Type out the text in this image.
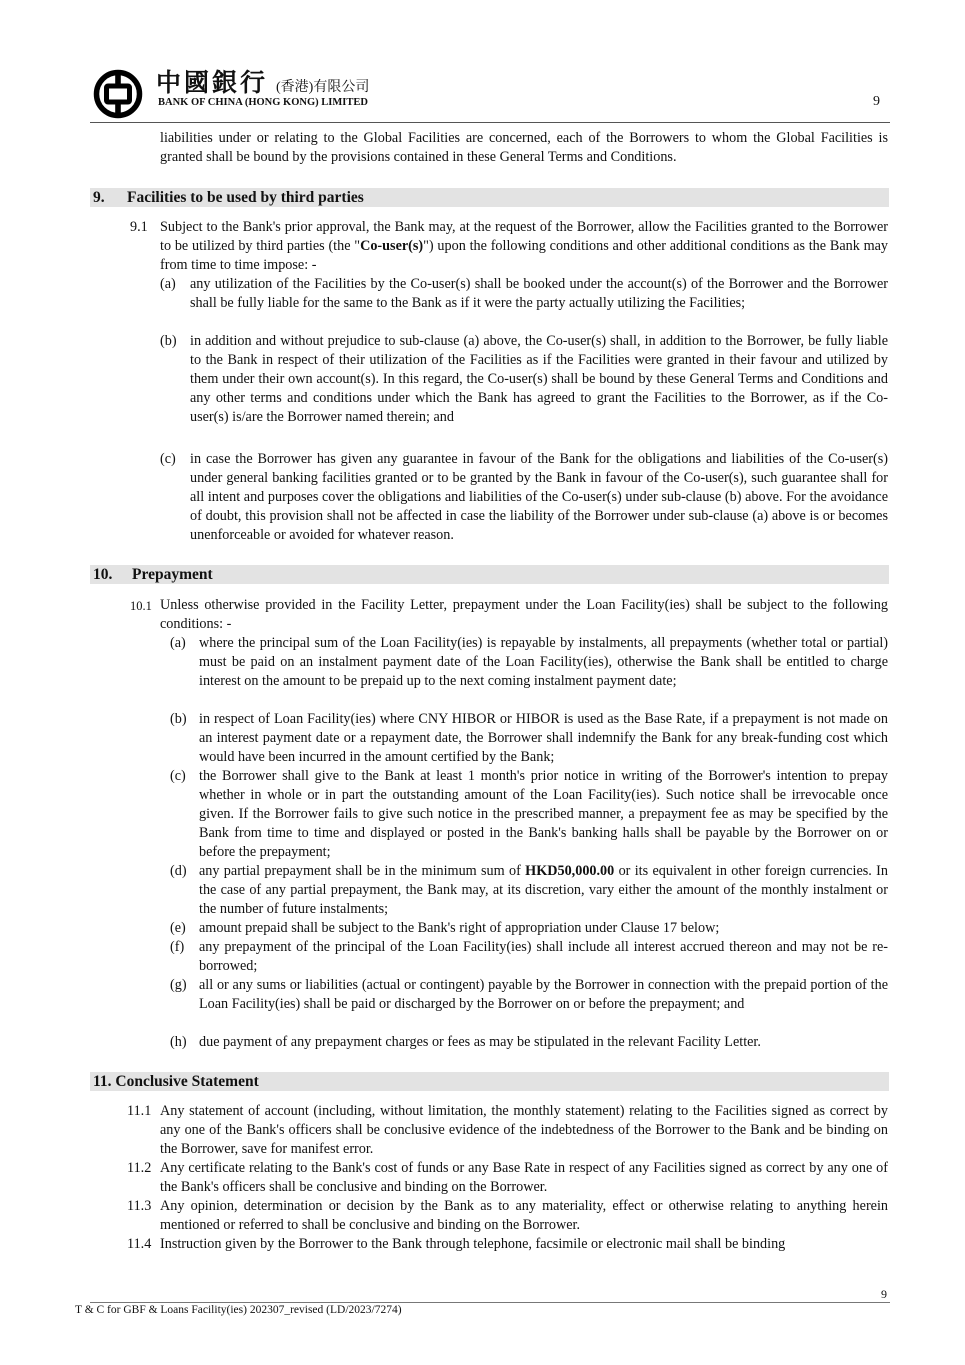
中國銀行 (香港)有限公司
BANK OF CHINA (HONG KONG) LIMITED	9

liabilities under or relating to the Global Facilities are concerned, each of the Borrowers to whom the Global Facilities is granted shall be bound by the provisions contained in these General Terms and Conditions.

9. Facilities to be used by third parties
9.1 Subject to the Bank's prior approval, the Bank may, at the request of the Borrower, allow the Facilities granted to the Borrower to be utilized by third parties (the "Co-user(s)") upon the following conditions and other additional conditions as the Bank may from time to time impose: -

(a) any utilization of the Facilities by the Co-user(s) shall be booked under the account(s) of the Borrower and the Borrower shall be fully liable for the same to the Bank as if it were the party actually utilizing the Facilities;

(b) in addition and without prejudice to sub-clause (a) above, the Co-user(s) shall, in addition to the Borrower, be fully liable to the Bank in respect of their utilization of the Facilities as if the Facilities were granted in their favour and utilized by them under their own account(s). In this regard, the Co-user(s) shall be bound by these General Terms and Conditions and any other terms and conditions under which the Bank has agreed to grant the Facilities to the Borrower, as if the Co-user(s) is/are the Borrower named therein; and

(c) in case the Borrower has given any guarantee in favour of the Bank for the obligations and liabilities of the Co-user(s) under general banking facilities granted or to be granted by the Bank in favour of the Co-user(s), such guarantee shall for all intent and purposes cover the obligations and liabilities of the Co-user(s) under sub-clause (b) above. For the avoidance of doubt, this provision shall not be affected in case the liability of the Borrower under sub-clause (a) above is or becomes unenforceable or avoided for whatever reason.

10. Prepayment
10.1 Unless otherwise provided in the Facility Letter, prepayment under the Loan Facility(ies) shall be subject to the following conditions: -

(a) where the principal sum of the Loan Facility(ies) is repayable by instalments, all prepayments (whether total or partial) must be paid on an instalment payment date of the Loan Facility(ies), otherwise the Bank shall be entitled to charge interest on the amount to be prepaid up to the next coming instalment payment date;

(b) in respect of Loan Facility(ies) where CNY HIBOR or HIBOR is used as the Base Rate, if a prepayment is not made on an interest payment date or a repayment date, the Borrower shall indemnify the Bank for any break-funding cost which would have been incurred in the amount certified by the Bank;

(c) the Borrower shall give to the Bank at least 1 month's prior notice in writing of the Borrower's intention to prepay whether in whole or in part the outstanding amount of the Loan Facility(ies). Such notice shall be irrevocable once given. If the Borrower fails to give such notice in the prescribed manner, a prepayment fee as may be specified by the Bank from time to time and displayed or posted in the Bank's banking halls shall be payable by the Borrower on or before the prepayment;

(d) any partial prepayment shall be in the minimum sum of HKD50,000.00 or its equivalent in other foreign currencies. In the case of any partial prepayment, the Bank may, at its discretion, vary either the amount of the monthly instalment or the number of future instalments;

(e) amount prepaid shall be subject to the Bank's right of appropriation under Clause 17 below;

(f) any prepayment of the principal of the Loan Facility(ies) shall include all interest accrued thereon and may not be re-borrowed;

(g) all or any sums or liabilities (actual or contingent) payable by the Borrower in connection with the prepaid portion of the Loan Facility(ies) shall be paid or discharged by the Borrower on or before the prepayment; and

(h) due payment of any prepayment charges or fees as may be stipulated in the relevant Facility Letter.

11. Conclusive Statement
11.1 Any statement of account (including, without limitation, the monthly statement) relating to the Facilities signed as correct by any one of the Bank's officers shall be conclusive evidence of the indebtedness of the Borrower to the Bank and be binding on the Borrower, save for manifest error.

11.2 Any certificate relating to the Bank's cost of funds or any Base Rate in respect of any Facilities signed as correct by any one of the Bank's officers shall be conclusive and binding on the Borrower.

11.3 Any opinion, determination or decision by the Bank as to any materiality, effect or otherwise relating to anything herein mentioned or referred to shall be conclusive and binding on the Borrower.

11.4 Instruction given by the Borrower to the Bank through telephone, facsimile or electronic mail shall be binding

9
T & C for GBF & Loans Facility(ies) 202307_revised (LD/2023/7274)
